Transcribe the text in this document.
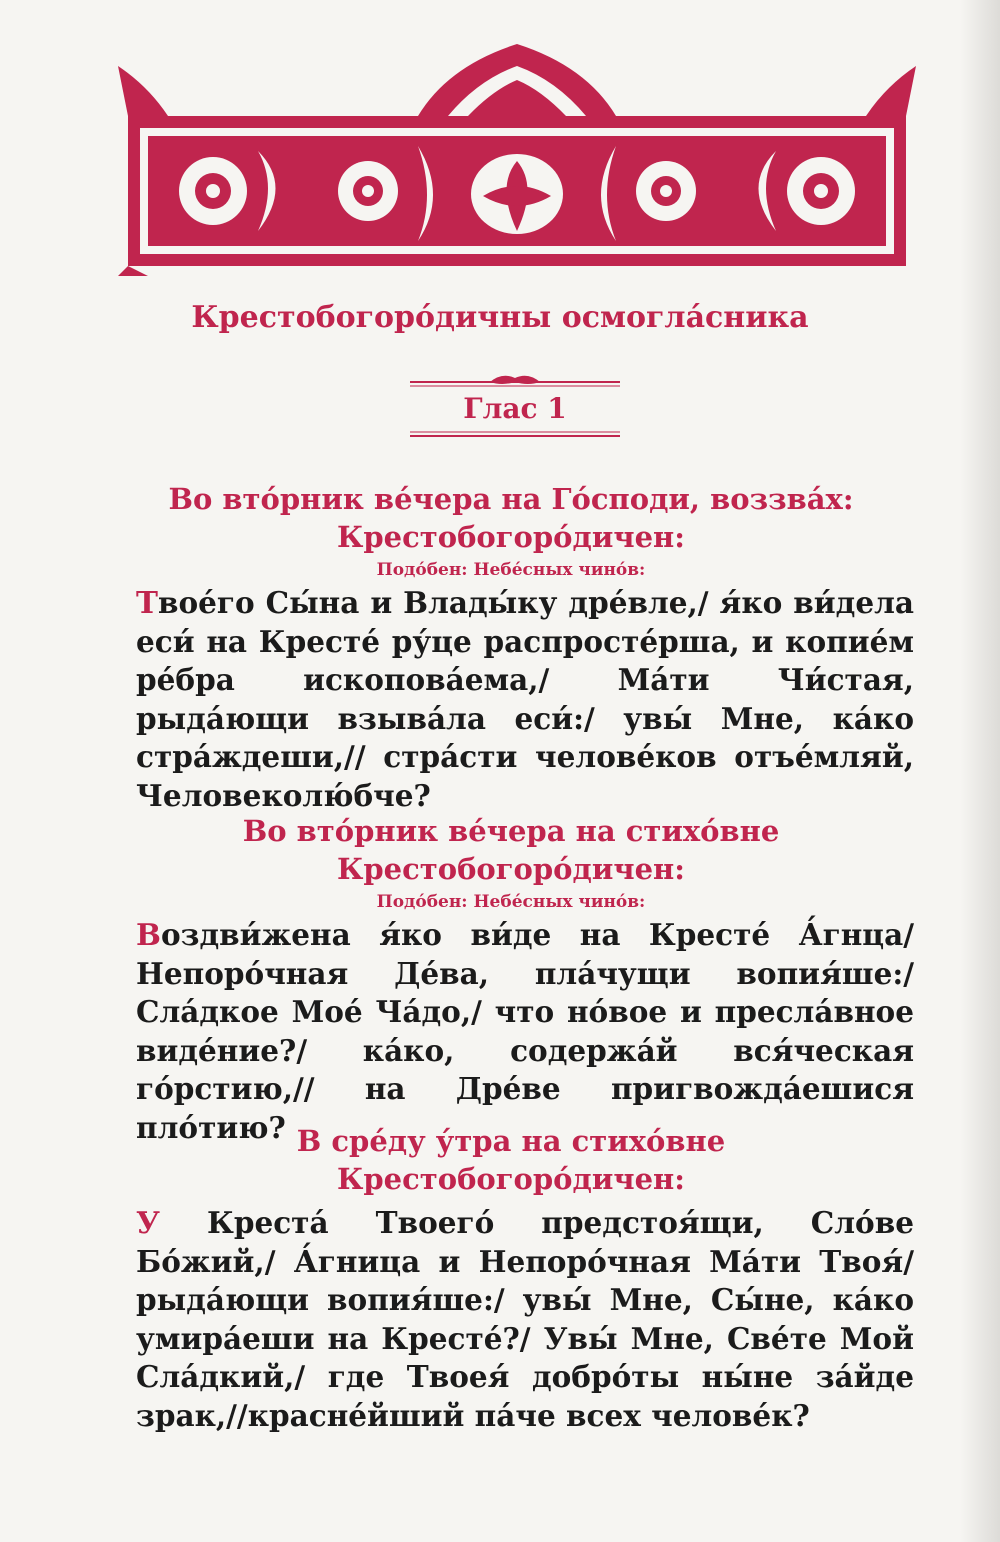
Крестобогоро́дичны осмогла́сника
Глас 1
Во вто́рник ве́чера на Го́споди, воззва́х:
Крестобогоро́дичен:
Подо́бен: Небе́сных чино́в:

Твое́го Сы́на и Влады́ку дре́вле,/ я́ко ви́дела еси́ на Кресте́ ру́це распросте́рша, и копие́м ре́бра ископова́ема,/ Ма́ти Чи́стая, рыда́ющи взыва́ла еси́:/ увы́ Мне, ка́ко стра́ждеши,// стра́сти челове́ков отъе́мляй, Человеколю́бче?

Во вто́рник ве́чера на стихо́вне
Крестобогоро́дичен:
Подо́бен: Небе́сных чино́в:

Воздви́жена я́ко ви́де на Кресте́ А́гнца/ Непоро́чная Де́ва, пла́чущи вопия́ше:/ Сла́дкое Мое́ Ча́до,/ что но́вое и пресла́вное виде́ние?/ ка́ко, содержа́й вся́ческая го́рстию,// на Дре́ве пригвожда́ешися пло́тию? В сре́ду у́тра на стихо́вне
Крестобогоро́дичен:

У Креста́ Твоего́ предстоя́щи, Сло́ве Бо́жий,/ А́гница и Непоро́чная Ма́ти Твоя́/ рыда́ющи вопия́ше:/ увы́ Мне, Сы́не, ка́ко умира́еши на Кресте́?/ Увы́ Мне, Све́те Мой Сла́дкий,/ где Твоея́ добро́ты ны́не за́йде зрак,//красне́йший па́че всех челове́к?
